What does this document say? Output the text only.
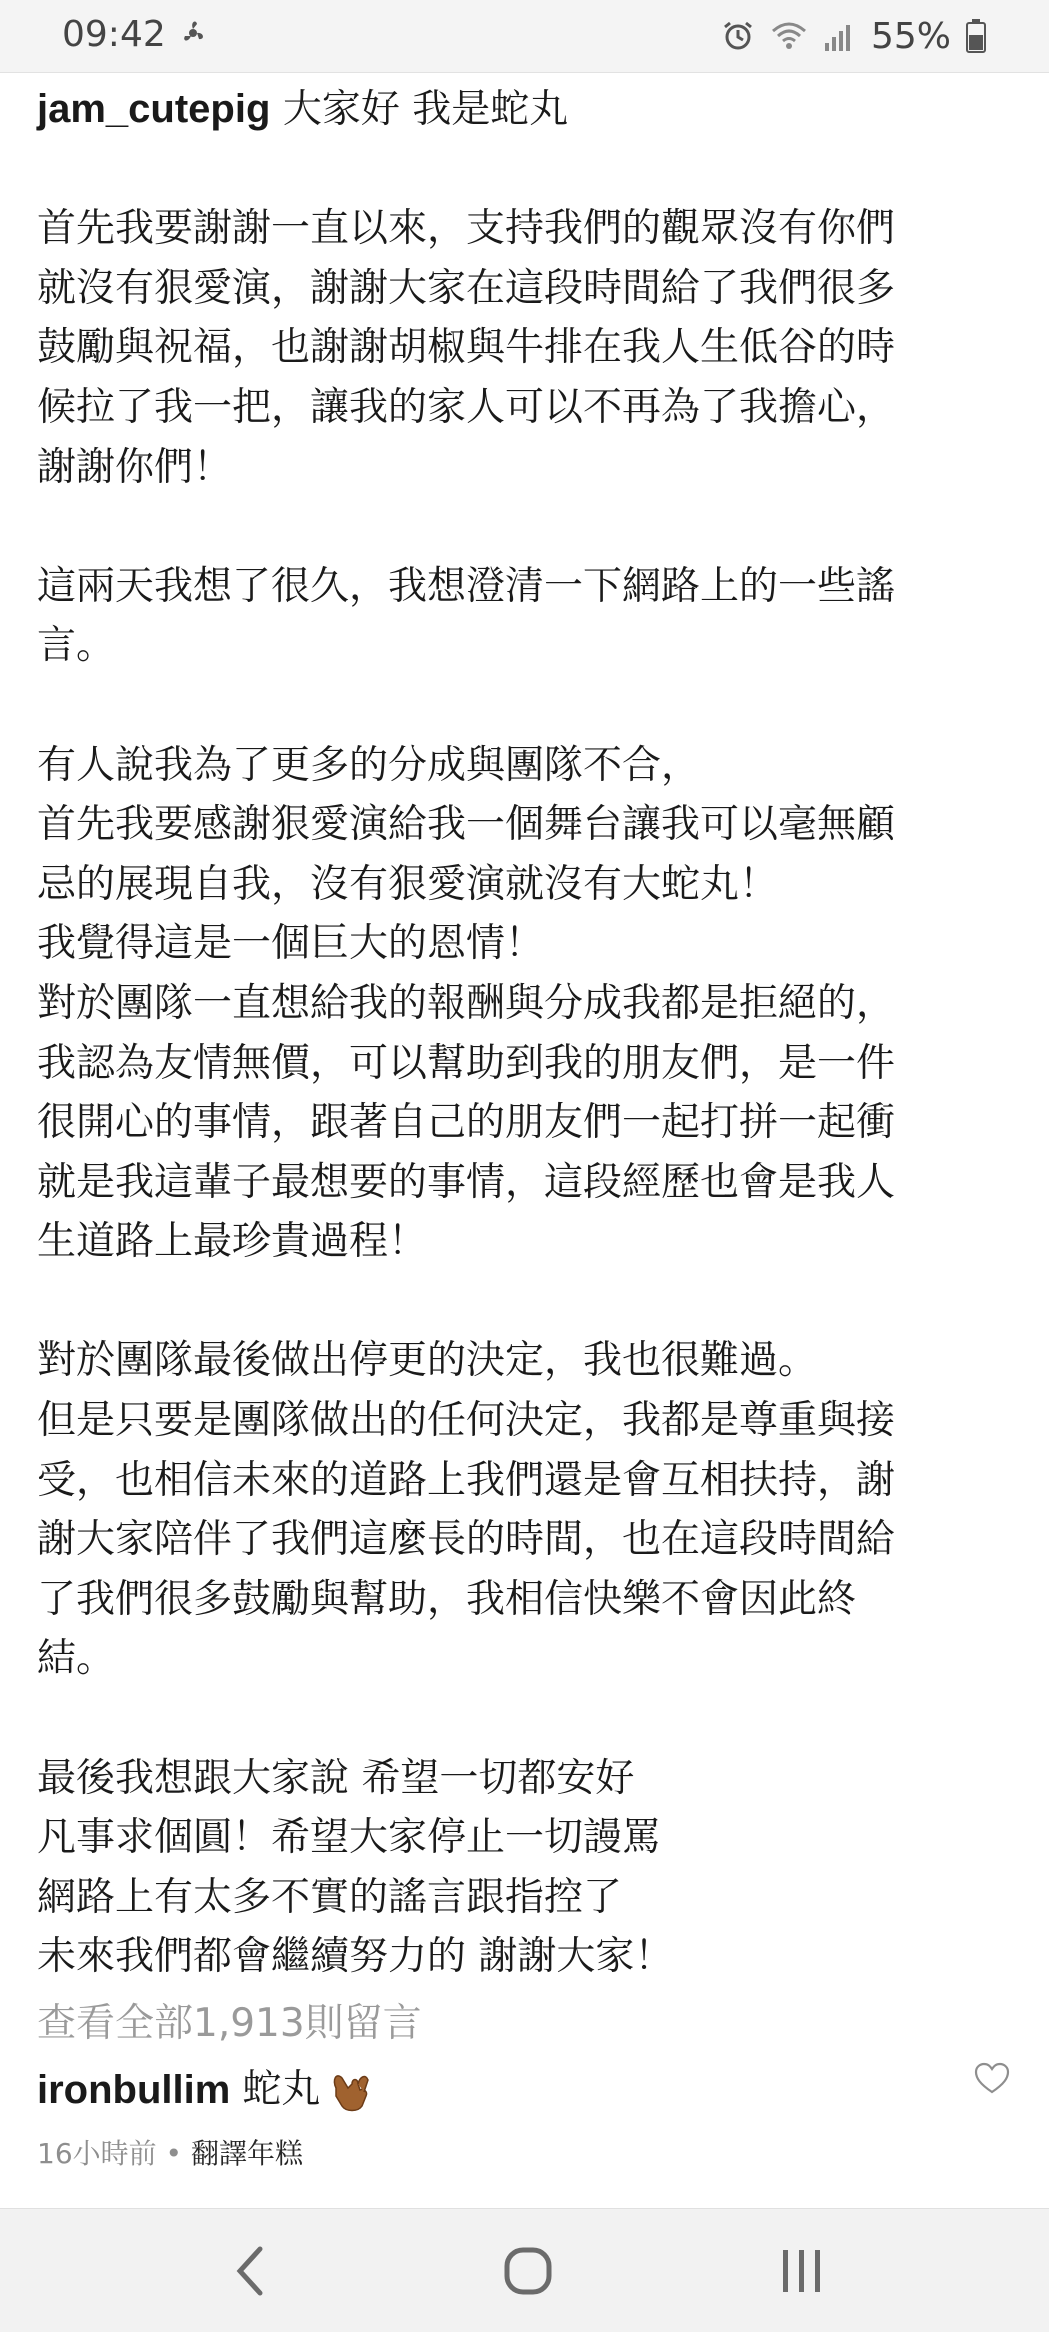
09:42	55%

jam_cutepig 大家好 我是蛇丸

首先我要謝謝一直以來，支持我們的觀眾沒有你們

就沒有狠愛演，謝謝大家在這段時間給了我們很多

鼓勵與祝福，也謝謝胡椒與牛排在我人生低谷的時

候拉了我一把，讓我的家人可以不再為了我擔心，

謝謝你們！

這兩天我想了很久，我想澄清一下網路上的一些謠

言。

有人說我為了更多的分成與團隊不合，

首先我要感謝狠愛演給我一個舞台讓我可以毫無顧

忌的展現自我，沒有狠愛演就沒有大蛇丸！

我覺得這是一個巨大的恩情！

對於團隊一直想給我的報酬與分成我都是拒絕的，

我認為友情無價，可以幫助到我的朋友們，是一件

很開心的事情，跟著自己的朋友們一起打拼一起衝

就是我這輩子最想要的事情，這段經歷也會是我人

生道路上最珍貴過程！

對於團隊最後做出停更的決定，我也很難過。

但是只要是團隊做出的任何決定，我都是尊重與接

受，也相信未來的道路上我們還是會互相扶持，謝

謝大家陪伴了我們這麼長的時間，也在這段時間給

了我們很多鼓勵與幫助，我相信快樂不會因此終

結。

最後我想跟大家說 希望一切都安好

凡事求個圓！希望大家停止一切謾罵

網路上有太多不實的謠言跟指控了

未來我們都會繼續努力的 謝謝大家！

查看全部1,913則留言
ironbullim 蛇丸
16小時前 • 翻譯年糕
